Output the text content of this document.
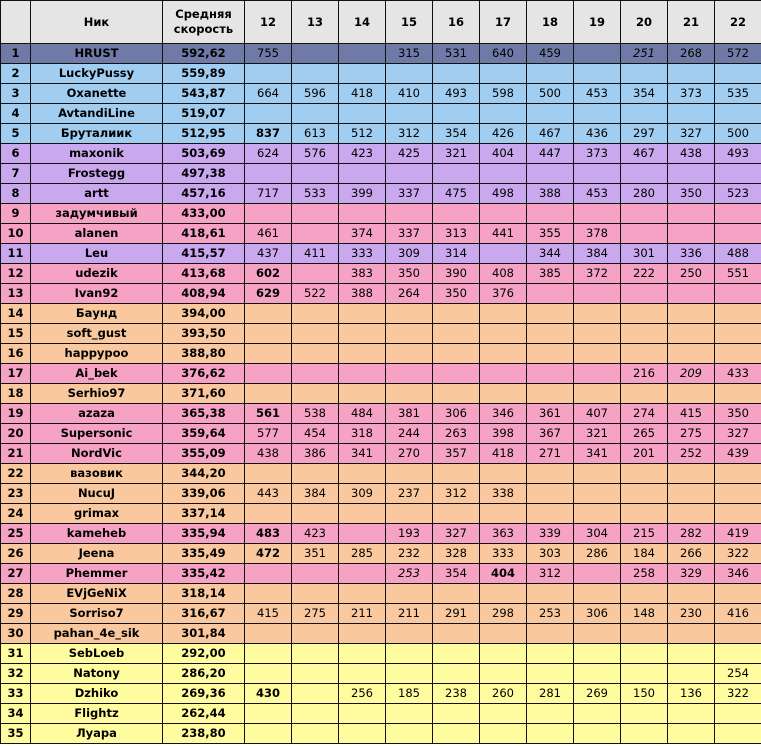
	Ник	Средняя скорость	12	13	14	15	16	17	18	19	20	21	22
1	HRUST	592,62	755			315	531	640	459		251	268	572
2	LuckyPussy	559,89											
3	Oxanette	543,87	664	596	418	410	493	598	500	453	354	373	535
4	AvtandiLine	519,07											
5	Бруталиик	512,95	837	613	512	312	354	426	467	436	297	327	500
6	maxonik	503,69	624	576	423	425	321	404	447	373	467	438	493
7	Frostegg	497,38											
8	artt	457,16	717	533	399	337	475	498	388	453	280	350	523
9	задумчивый	433,00											
10	alanen	418,61	461		374	337	313	441	355	378			
11	Leu	415,57	437	411	333	309	314		344	384	301	336	488
12	udezik	413,68	602		383	350	390	408	385	372	222	250	551
13	Ivan92	408,94	629	522	388	264	350	376					
14	Баунд	394,00											
15	soft_gust	393,50											
16	happypoo	388,80											
17	Ai_bek	376,62									216	209	433
18	Serhio97	371,60											
19	azaza	365,38	561	538	484	381	306	346	361	407	274	415	350
20	Supersonic	359,64	577	454	318	244	263	398	367	321	265	275	327
21	NordVic	355,09	438	386	341	270	357	418	271	341	201	252	439
22	вазовик	344,20											
23	NucuJ	339,06	443	384	309	237	312	338					
24	grimax	337,14											
25	kameheb	335,94	483	423		193	327	363	339	304	215	282	419
26	Jeena	335,49	472	351	285	232	328	333	303	286	184	266	322
27	Phemmer	335,42				253	354	404	312		258	329	346
28	EVjGeNiX	318,14											
29	Sorriso7	316,67	415	275	211	211	291	298	253	306	148	230	416
30	pahan_4e_sik	301,84											
31	SebLoeb	292,00											
32	Natony	286,20											254
33	Dzhiko	269,36	430		256	185	238	260	281	269	150	136	322
34	Flightz	262,44											
35	Луара	238,80											
